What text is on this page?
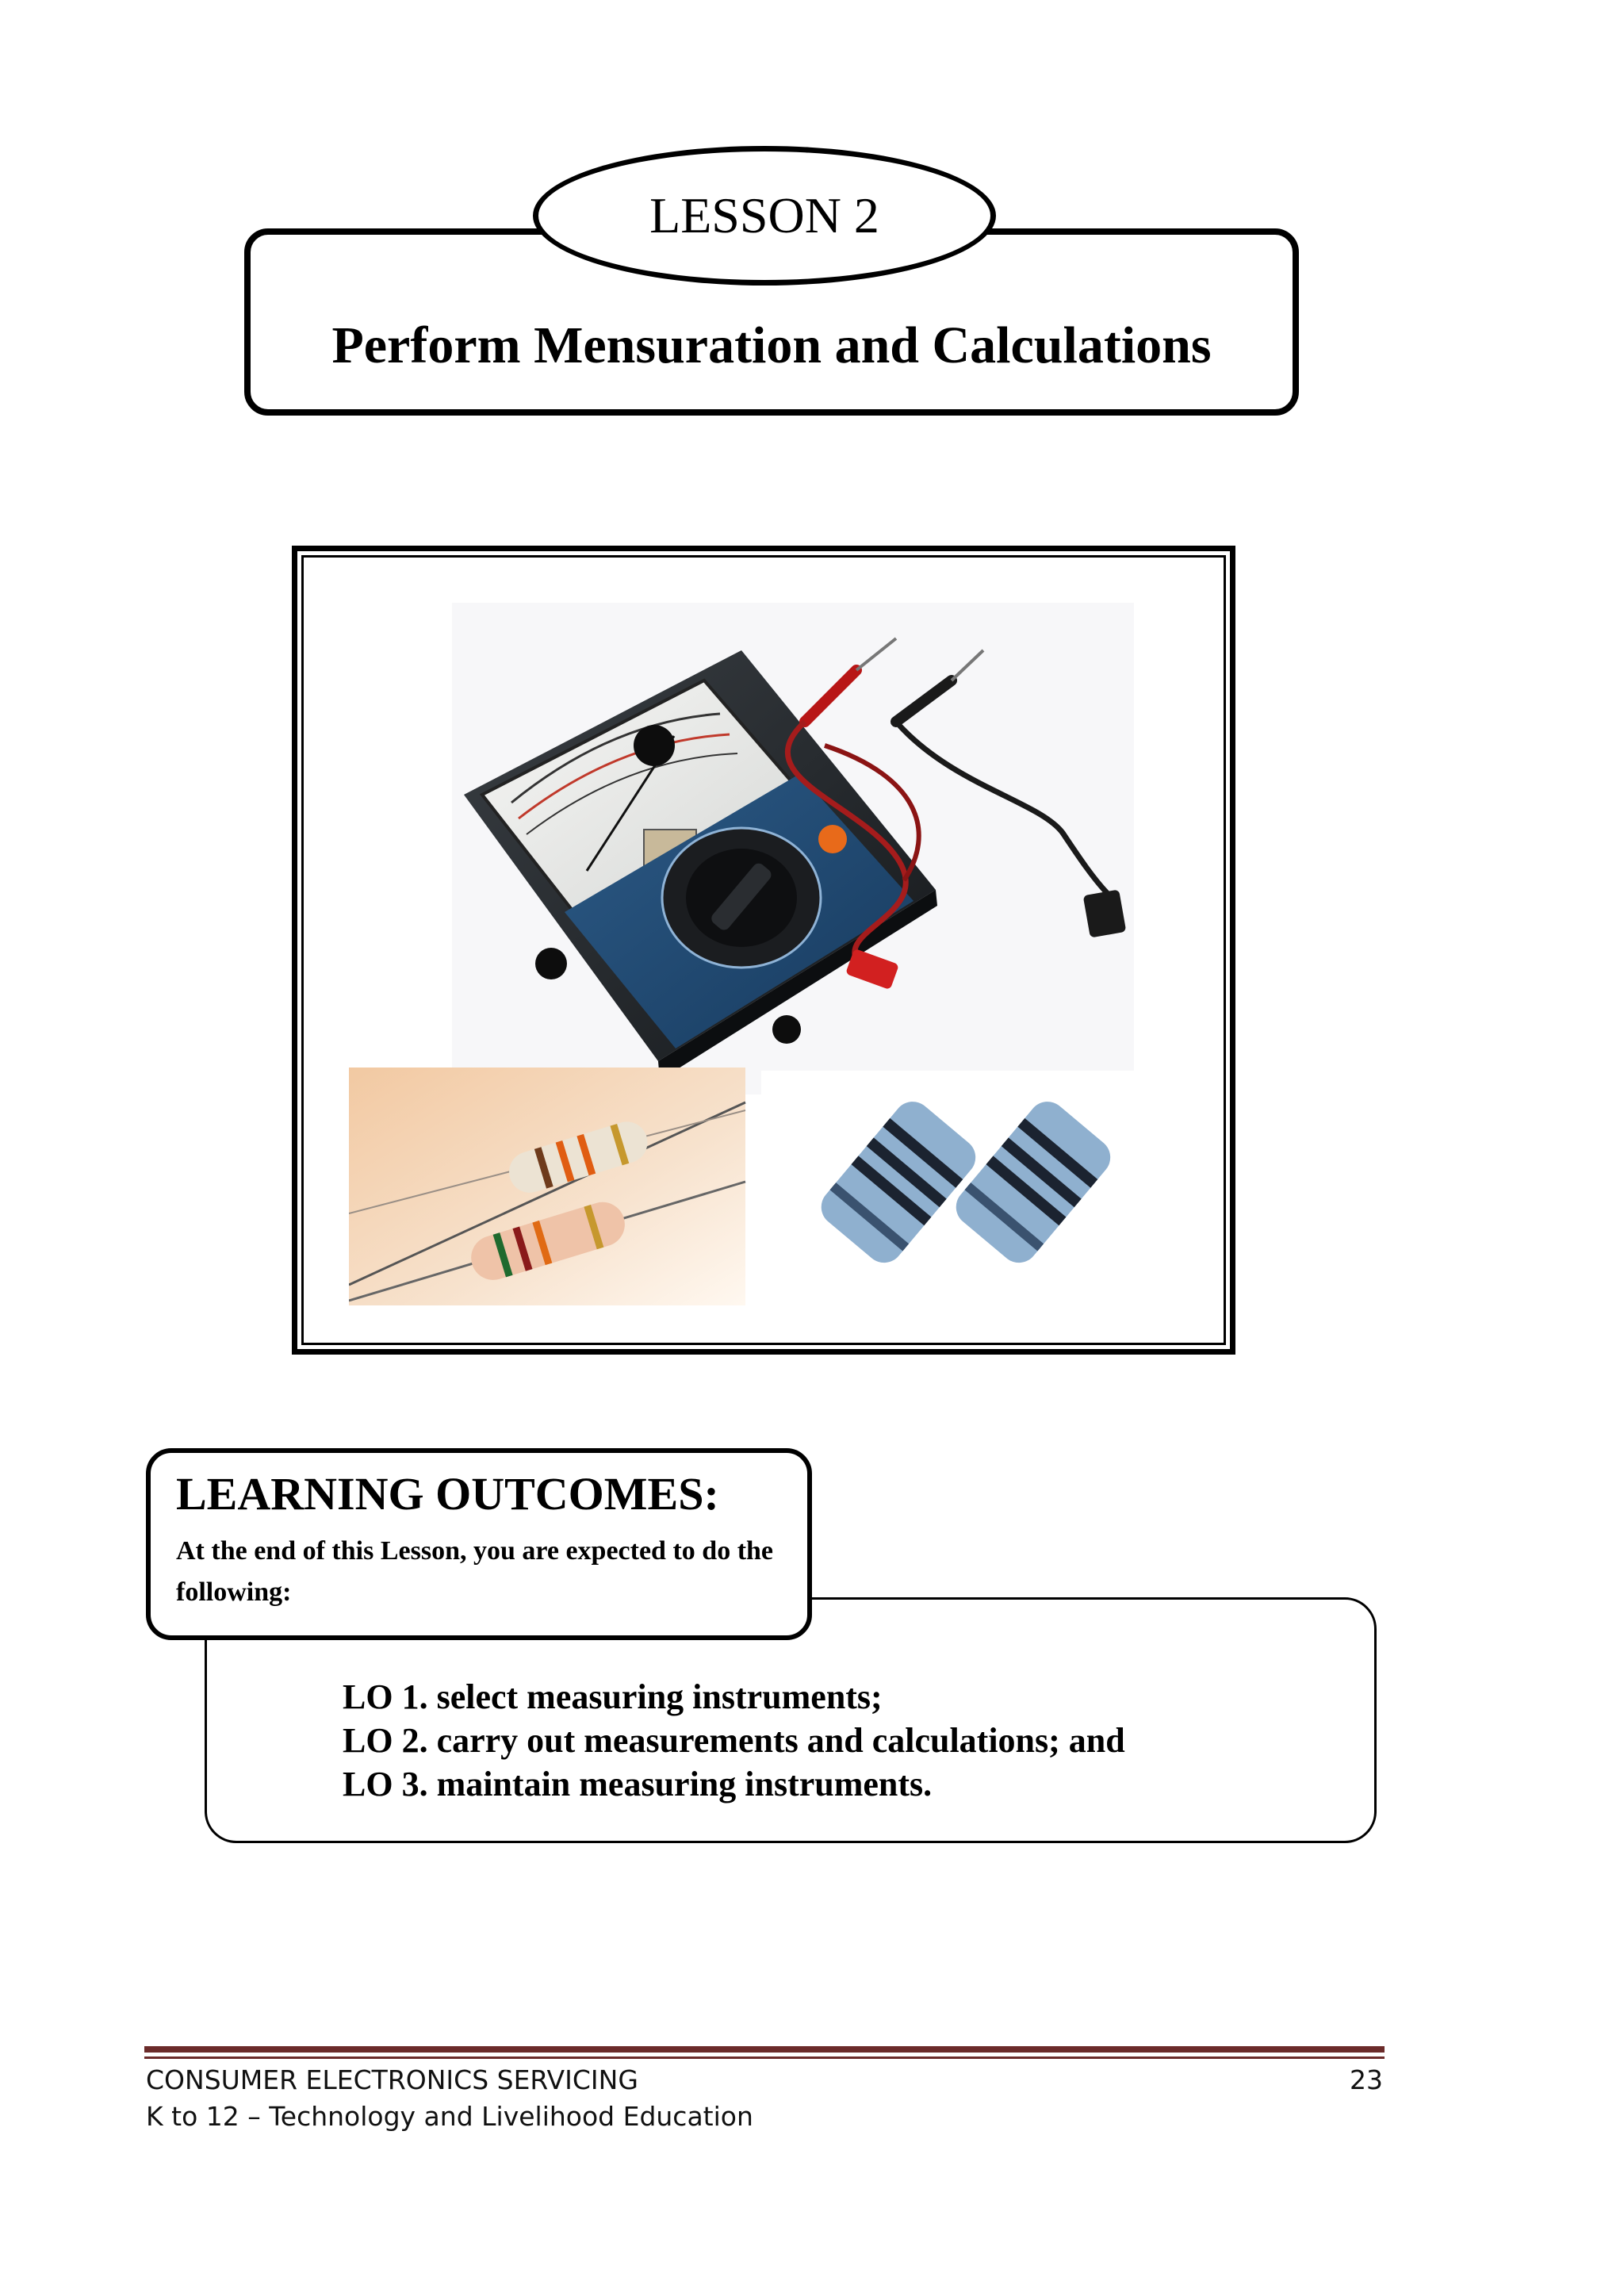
LESSON 2
Perform Mensuration and Calculations
LEARNING OUTCOMES:
At the end of this Lesson, you are expected to do the following:
LO 1. select measuring instruments;
LO 2. carry out measurements and calculations; and
LO 3. maintain measuring instruments.
CONSUMER ELECTRONICS SERVICING
K to 12 – Technology and Livelihood Education
23
